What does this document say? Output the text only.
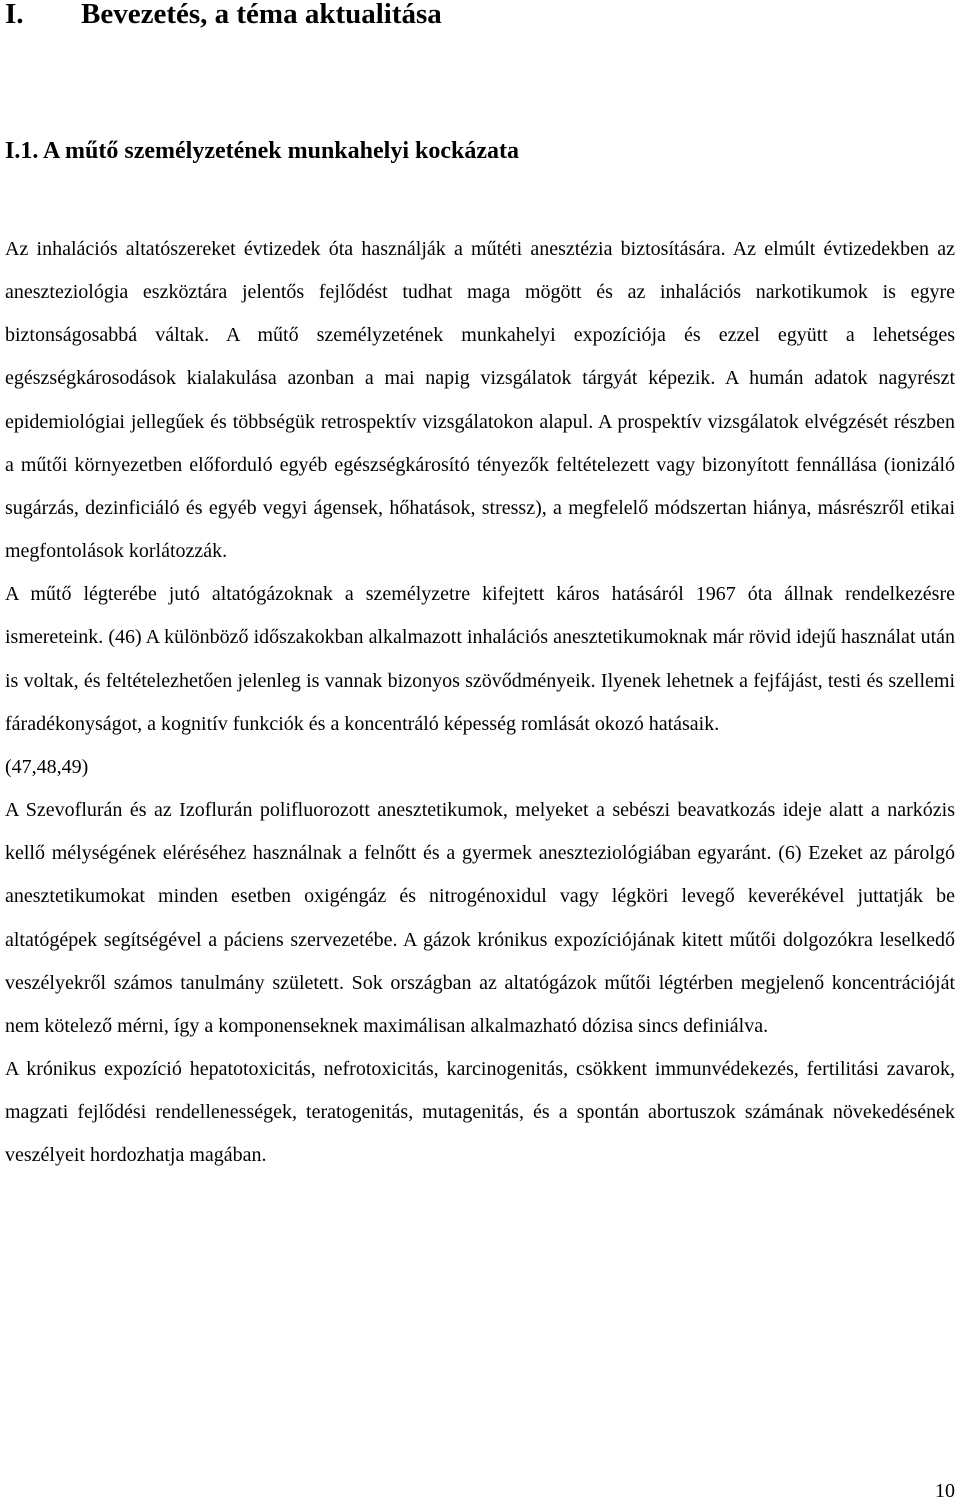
I. Bevezetés, a téma aktualitása
I.1. A műtő személyzetének munkahelyi kockázata

Az inhalációs altatószereket évtizedek óta használják a műtéti anesztézia biztosítására. Az elmúlt évtizedekben az aneszteziológia eszköztára jelentős fejlődést tudhat maga mögött és az inhalációs narkotikumok is egyre biztonságosabbá váltak. A műtő személyzetének munkahelyi expozíciója és ezzel együtt a lehetséges egészségkárosodások kialakulása azonban a mai napig vizsgálatok tárgyát képezik. A humán adatok nagyrészt epidemiológiai jellegűek és többségük retrospektív vizsgálatokon alapul. A prospektív vizsgálatok elvégzését részben a műtői környezetben előforduló egyéb egészségkárosító tényezők feltételezett vagy bizonyított fennállása (ionizáló sugárzás, dezinficiáló és egyéb vegyi ágensek, hőhatások, stressz), a megfelelő módszertan hiánya, másrészről etikai megfontolások korlátozzák.

A műtő légterébe jutó altatógázoknak a személyzetre kifejtett káros hatásáról 1967 óta állnak rendelkezésre ismereteink. (46) A különböző időszakokban alkalmazott inhalációs anesztetikumoknak már rövid idejű használat után is voltak, és feltételezhetően jelenleg is vannak bizonyos szövődményeik. Ilyenek lehetnek a fejfájást, testi és szellemi fáradékonyságot, a kognitív funkciók és a koncentráló képesség romlását okozó hatásaik.

(47,48,49)

A Szevoflurán és az Izoflurán polifluorozott anesztetikumok, melyeket a sebészi beavatkozás ideje alatt a narkózis kellő mélységének eléréséhez használnak a felnőtt és a gyermek aneszteziológiában egyaránt. (6) Ezeket az párolgó anesztetikumokat minden esetben oxigéngáz és nitrogénoxidul vagy légköri levegő keverékével juttatják be altatógépek segítségével a páciens szervezetébe. A gázok krónikus expozíciójának kitett műtői dolgozókra leselkedő veszélyekről számos tanulmány született. Sok országban az altatógázok műtői légtérben megjelenő koncentrációját nem kötelező mérni, így a komponenseknek maximálisan alkalmazható dózisa sincs definiálva.

A krónikus expozíció hepatotoxicitás, nefrotoxicitás, karcinogenitás, csökkent immunvédekezés, fertilitási zavarok, magzati fejlődési rendellenességek, teratogenitás, mutagenitás, és a spontán abortuszok számának növekedésének veszélyeit hordozhatja magában.

10
